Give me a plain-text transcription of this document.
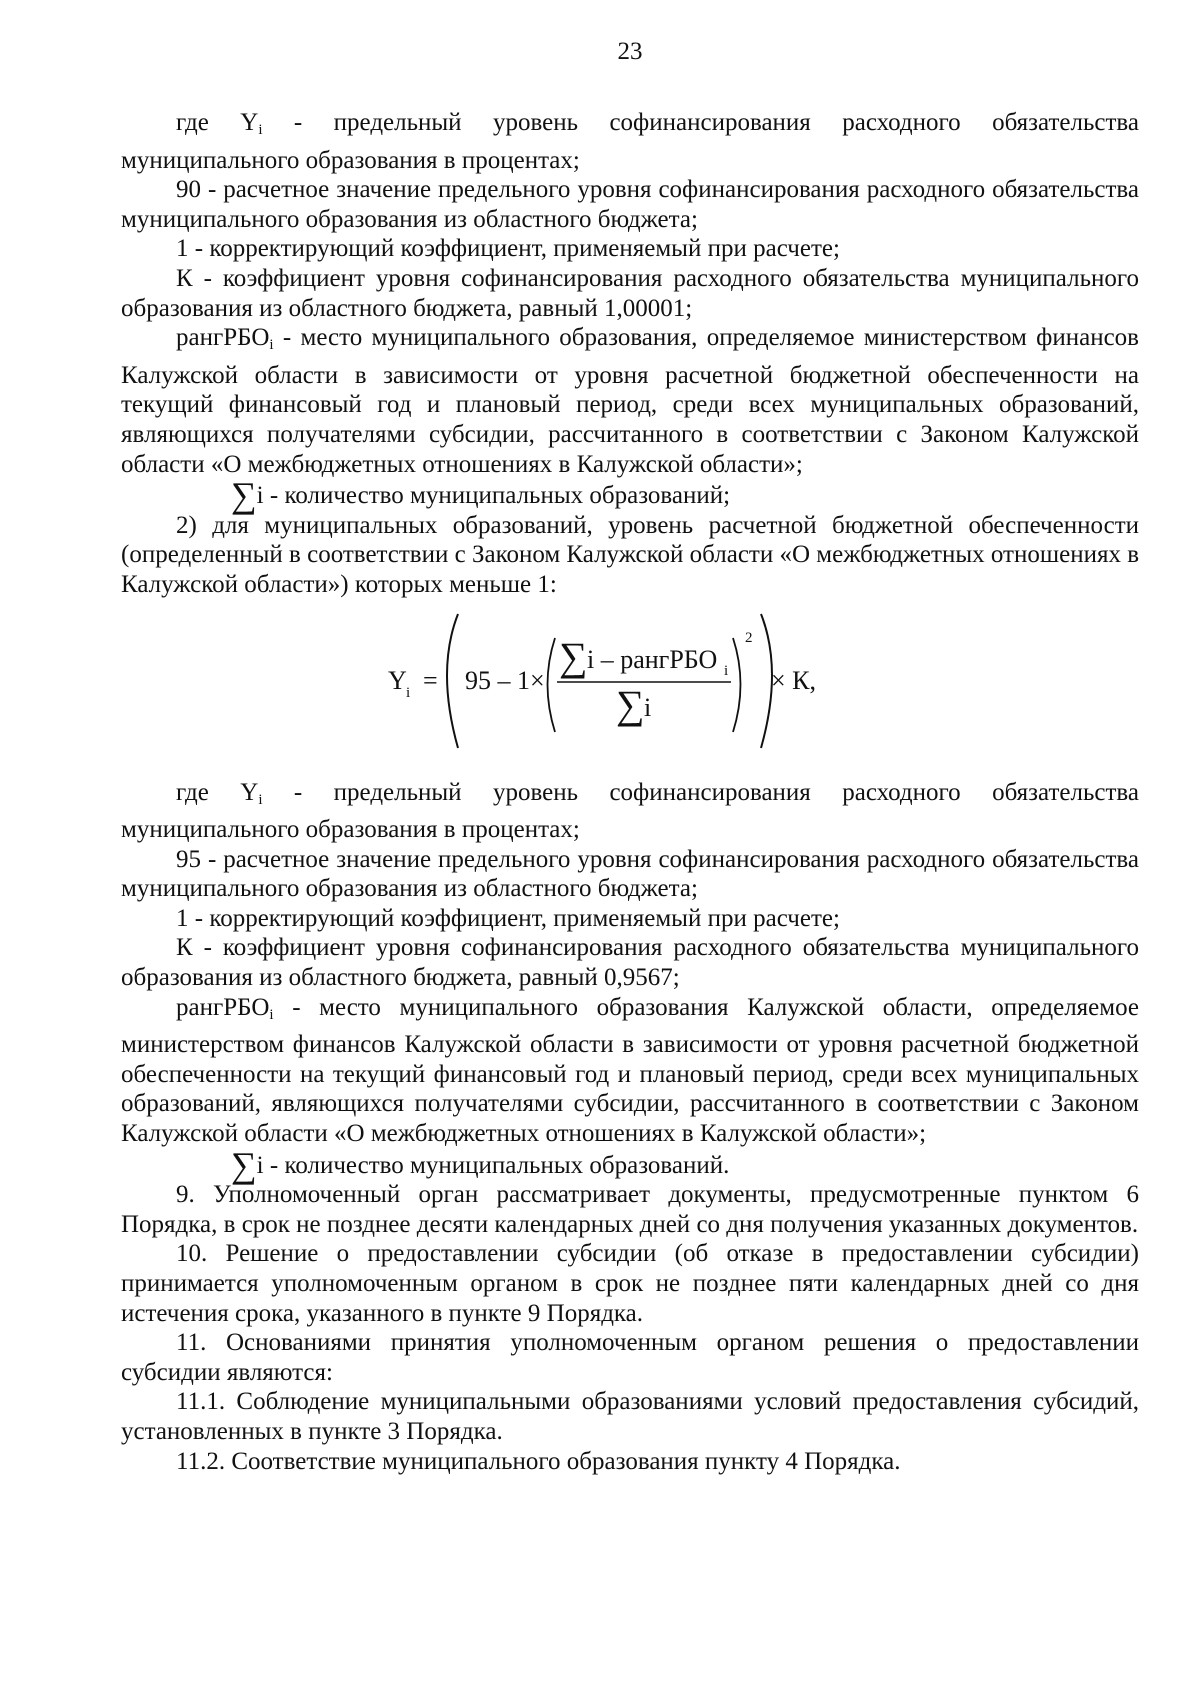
23

где $Y_i$ - предельный уровень софинансирования расходного обязательства муниципального образования в процентах;

90 - расчетное значение предельного уровня софинансирования расходного обязательства муниципального образования из областного бюджета;

1 - корректирующий коэффициент, применяемый при расчете;

К - коэффициент уровня софинансирования расходного обязательства муниципального образования из областного бюджета, равный 1,00001;

рангРБО$_i$ - место муниципального образования, определяемое министерством финансов Калужской области в зависимости от уровня расчетной бюджетной обеспеченности на текущий финансовый год и плановый период, среди всех муниципальных образований, являющихся получателями субсидии, рассчитанного в соответствии с Законом Калужской области «О межбюджетных отношениях в Калужской области»;

∑i - количество муниципальных образований;

2) для муниципальных образований, уровень расчетной бюджетной обеспеченности (определенный в соответствии с Законом Калужской области «О межбюджетных отношениях в Калужской области») которых меньше 1:

Y i = 95 – 1×
∑ i – рангРБО i
∑ i
2
× К,

где $Y_i$ - предельный уровень софинансирования расходного обязательства муниципального образования в процентах;

95 - расчетное значение предельного уровня софинансирования расходного обязательства муниципального образования из областного бюджета;

1 - корректирующий коэффициент, применяемый при расчете;

К - коэффициент уровня софинансирования расходного обязательства муниципального образования из областного бюджета, равный 0,9567;

рангРБО$_i$ - место муниципального образования Калужской области, определяемое министерством финансов Калужской области в зависимости от уровня расчетной бюджетной обеспеченности на текущий финансовый год и плановый период, среди всех муниципальных образований, являющихся получателями субсидии, рассчитанного в соответствии с Законом Калужской области «О межбюджетных отношениях в Калужской области»;

∑i - количество муниципальных образований.

9. Уполномоченный орган рассматривает документы, предусмотренные пунктом 6 Порядка, в срок не позднее десяти календарных дней со дня получения указанных документов.

10. Решение о предоставлении субсидии (об отказе в предоставлении субсидии) принимается уполномоченным органом в срок не позднее пяти календарных дней со дня истечения срока, указанного в пункте 9 Порядка.

11. Основаниями принятия уполномоченным органом решения о предоставлении субсидии являются:

11.1. Соблюдение муниципальными образованиями условий предоставления субсидий, установленных в пункте 3 Порядка.

11.2. Соответствие муниципального образования пункту 4 Порядка.
